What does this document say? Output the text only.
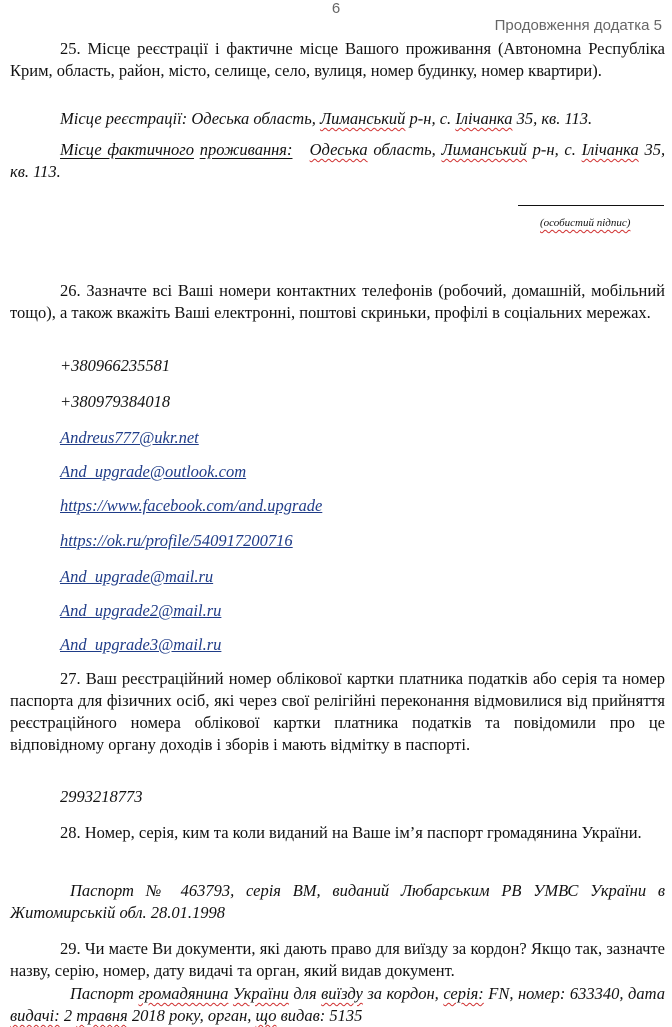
6
Продовження додатка 5
25. Місце реєстрації і фактичне місце Вашого проживання (Автономна Республіка Крим, область, район, місто, селище, село, вулиця, номер будинку, номер квартири).
Місце реєстрації: Одеська область, Лиманський р-н, с. Ілічанка 35, кв. 113.
Місце фактичного проживання: Одеська область, Лиманський р-н, с. Ілічанка 35, кв. 113.
(особистий підпис)
26. Зазначте всі Ваші номери контактних телефонів (робочий, домашній, мобільний тощо), а також вкажіть Ваші електронні, поштові скриньки, профілі в соціальних мережах.
+380966235581
+380979384018
Andreus777@ukr.net
And_upgrade@outlook.com
https://www.facebook.com/and.upgrade
https://ok.ru/profile/540917200716
And_upgrade@mail.ru
And_upgrade2@mail.ru
And_upgrade3@mail.ru
27. Ваш реєстраційний номер облікової картки платника податків або серія та номер паспорта для фізичних осіб, які через свої релігійні переконання відмовилися від прийняття реєстраційного номера облікової картки платника податків та повідомили про це відповідному органу доходів і зборів і мають відмітку в паспорті.
2993218773
28. Номер, серія, ким та коли виданий на Ваше ім’я паспорт громадянина України.
Паспорт № 463793, серія ВМ, виданий Любарським РВ УМВС України в Житомирській обл. 28.01.1998
29. Чи маєте Ви документи, які дають право для виїзду за кордон? Якщо так, зазначте назву, серію, номер, дату видачі та орган, який видав документ.
Паспорт громадянина України для виїзду за кордон, серія: FN, номер: 633340, дата видачі: 2 травня 2018 року, орган, що видав: 5135
